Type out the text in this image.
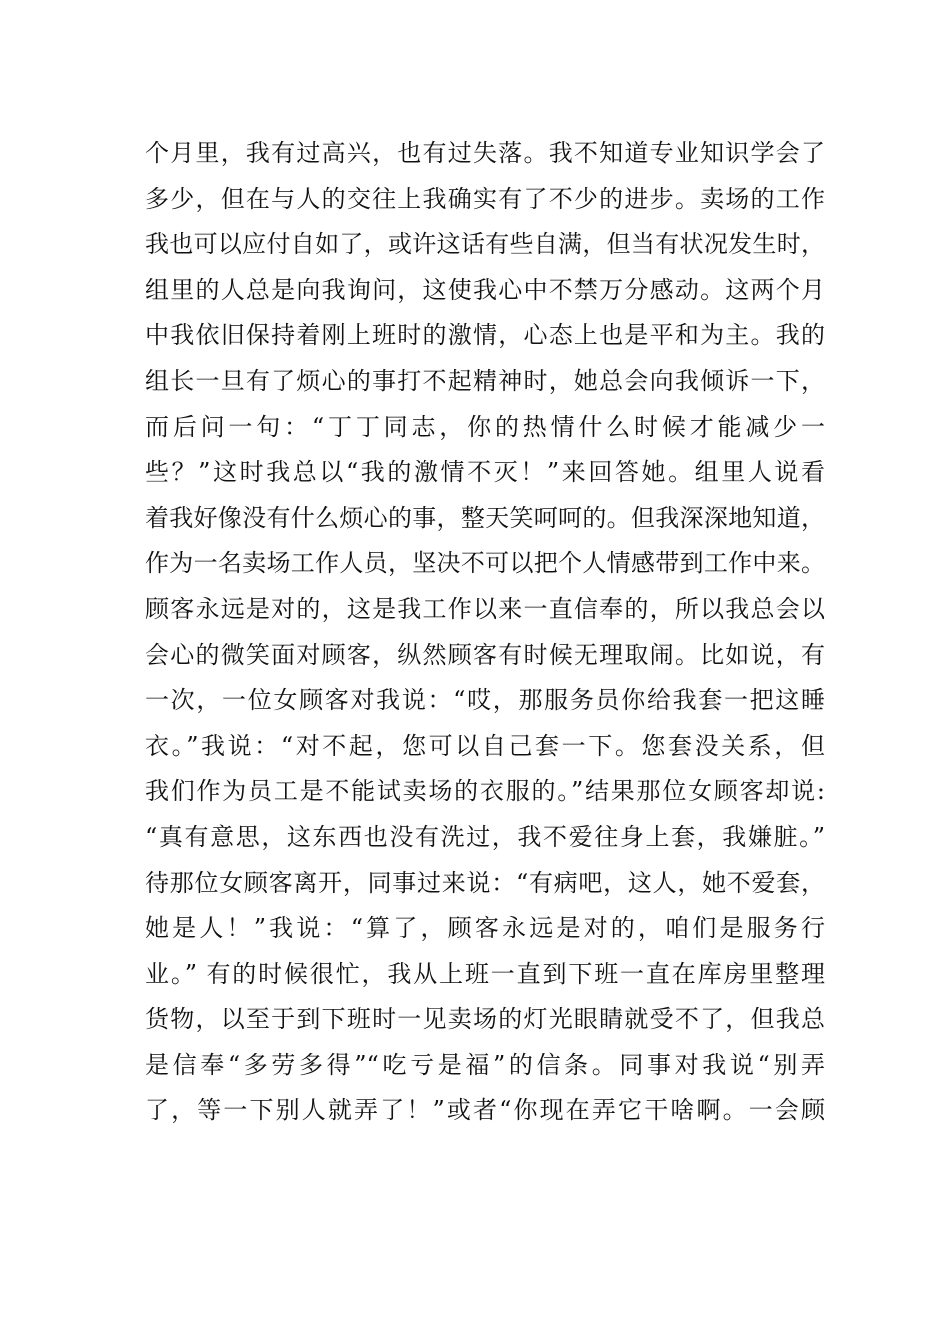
个月里，我有过高兴，也有过失落。我不知道专业知识学会了
多少，但在与人的交往上我确实有了不少的进步。卖场的工作
我也可以应付自如了，或许这话有些自满，但当有状况发生时，
组里的人总是向我询问，这使我心中不禁万分感动。这两个月
中我依旧保持着刚上班时的激情，心态上也是平和为主。我的
组长一旦有了烦心的事打不起精神时，她总会向我倾诉一下，
而后问一句：“丁丁同志，你的热情什么时候才能减少一
些？”这时我总以“我的激情不灭！”来回答她。组里人说看
着我好像没有什么烦心的事，整天笑呵呵的。但我深深地知道，
作为一名卖场工作人员，坚决不可以把个人情感带到工作中来。
顾客永远是对的，这是我工作以来一直信奉的，所以我总会以
会心的微笑面对顾客，纵然顾客有时候无理取闹。比如说，有
一次，一位女顾客对我说：“哎，那服务员你给我套一把这睡
衣。”我说：“对不起，您可以自己套一下。您套没关系，但
我们作为员工是不能试卖场的衣服的。”结果那位女顾客却说:
“真有意思，这东西也没有洗过，我不爱往身上套，我嫌脏。”
待那位女顾客离开，同事过来说：“有病吧，这人，她不爱套，
她是人！”我说：“算了，顾客永远是对的，咱们是服务行
业。” 有的时候很忙，我从上班一直到下班一直在库房里整理
货物，以至于到下班时一见卖场的灯光眼睛就受不了，但我总
是信奉“多劳多得”“吃亏是福”的信条。同事对我说“别弄
了，等一下别人就弄了！”或者“你现在弄它干啥啊。一会顾
